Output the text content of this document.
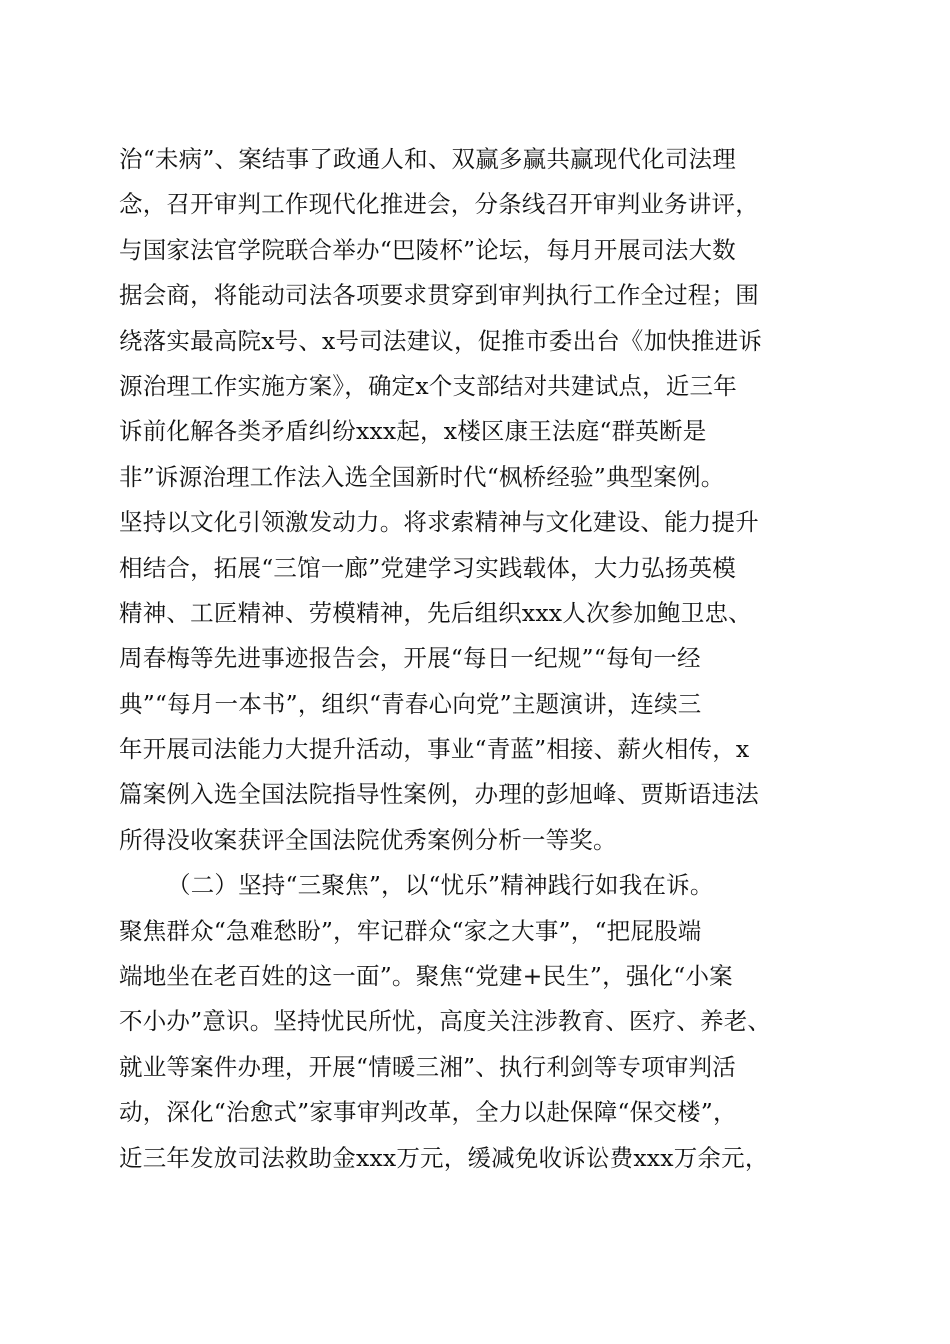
治“未病”、案结事了政通人和、双赢多赢共赢现代化司法理
念，召开审判工作现代化推进会，分条线召开审判业务讲评，
与国家法官学院联合举办“巴陵杯”论坛，每月开展司法大数
据会商，将能动司法各项要求贯穿到审判执行工作全过程；围
绕落实最高院x号、x号司法建议，促推市委出台《加快推进诉
源治理工作实施方案》，确定x个支部结对共建试点，近三年
诉前化解各类矛盾纠纷xxx起，x楼区康王法庭“群英断是
非”诉源治理工作法入选全国新时代“枫桥经验”典型案例。
坚持以文化引领激发动力。将求索精神与文化建设、能力提升
相结合，拓展“三馆一廊”党建学习实践载体，大力弘扬英模
精神、工匠精神、劳模精神，先后组织xxx人次参加鲍卫忠、
周春梅等先进事迹报告会，开展“每日一纪规”“每旬一经
典”“每月一本书”，组织“青春心向党”主题演讲，连续三
年开展司法能力大提升活动，事业“青蓝”相接、薪火相传，x
篇案例入选全国法院指导性案例，办理的彭旭峰、贾斯语违法
所得没收案获评全国法院优秀案例分析一等奖。
（二）坚持“三聚焦”，以“忧乐”精神践行如我在诉。
聚焦群众“急难愁盼”，牢记群众“家之大事”，“把屁股端
端地坐在老百姓的这一面”。聚焦“党建+民生”，强化“小案
不小办”意识。坚持忧民所忧，高度关注涉教育、医疗、养老、
就业等案件办理，开展“情暖三湘”、执行利剑等专项审判活
动，深化“治愈式”家事审判改革，全力以赴保障“保交楼”，
近三年发放司法救助金xxx万元，缓减免收诉讼费xxx万余元，
